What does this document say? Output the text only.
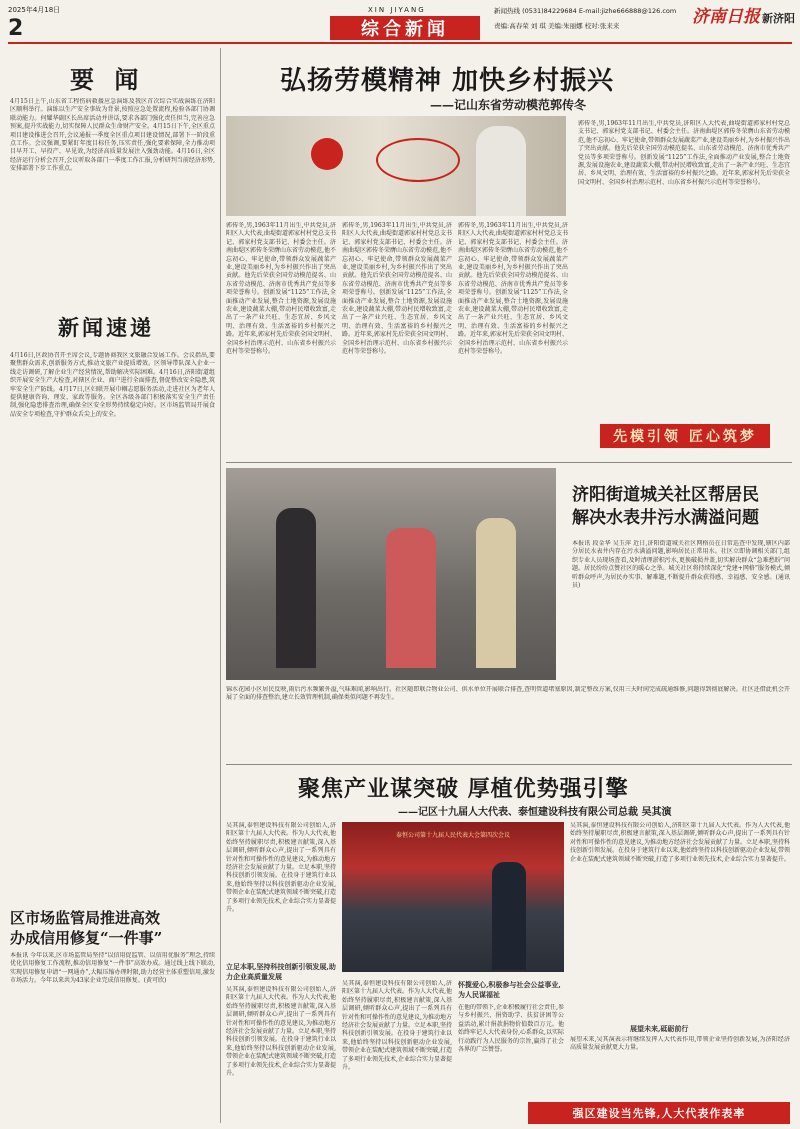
2025年4月18日
2
XIN JIYANG
综合新闻
新闻热线 (0531)84229684 E-mail:jizhe666888@126.com
责编:高春荣 刘 琪 美编:朱丽娜 校对:张来来	济南日报 新济阳
要 闻
4月15日上午,山东省工程伤病救援应急演练及我区首次综合实战演练在济阳区顺利举行。演练以生产安全事故为背景,按照应急处置流程,检验各部门协调联动能力。何耀华副区长出席活动并讲话,要求各部门强化责任担当,完善应急预案,提升实战能力,切实保障人民群众生命财产安全。4月15日下午,全区重点项目建设推进会召开,会议通报一季度全区重点项目建设情况,部署下一阶段重点工作。会议强调,要紧盯年度目标任务,压实责任,强化要素保障,全力推动项目早开工、早投产、早见效,为经济高质量发展注入强劲动能。4月16日,全区经济运行分析会召开,会议听取各部门一季度工作汇报,分析研判当前经济形势,安排部署下步工作重点。
新闻速递
4月16日,区政协召开主席会议,专题协商我区文旅融合发展工作。会议指出,要聚焦群众需求,创新服务方式,推动文旅产业提质增效。区领导带队深入企业一线走访调研,了解企业生产经营情况,帮助解决实际困难。4月16日,济阳街道组织开展安全生产大检查,对辖区企业、商户进行全面排查,督促整改安全隐患,筑牢安全生产防线。4月17日,区妇联开展巾帼志愿服务活动,走进社区为老年人提供健康咨询、理发、家政等服务。全区各级各部门积极落实安全生产责任制,强化隐患排查治理,确保全区安全形势持续稳定向好。区市场监管局开展食品安全专项检查,守护群众舌尖上的安全。
区市场监管局推进高效
办成信用修复“一件事”
本报讯 今年以来,区市场监管局坚持“以信用促监管、以信用优服务”理念,持续优化信用修复工作流程,推动信用修复“一件事”高效办成。通过线上线下联动,实现信用修复申请“一网通办”,大幅压缩办理时限,助力经营主体重塑信用,激发市场活力。今年以来共为43家企业完成信用修复。(黄可欣)
弘扬劳模精神 加快乡村振兴
——记山东省劳动模范郭传冬
郭传冬,男,1963年11月出生,中共党员,济阳区人大代表,曲堤街道郭家村村党总支书记、郭家村党支部书记、村委会主任。济南曲堤区郭传冬荣膺山东省劳动模范,他不忘初心、牢记使命,带领群众发展蔬菜产业,建设美丽乡村,为乡村振兴作出了突出贡献。他先后荣获全国劳动模范提名、山东省劳动模范、济南市优秀共产党员等多项荣誉称号。创新发展“1125”工作法,全面推动产业发展,整合土地资源,发展设施农业,建设蔬菜大棚,带动村民增收致富,走出了一条产业兴旺、生态宜居、乡风文明、治理有效、生活富裕的乡村振兴之路。近年来,郭家村先后荣获全国文明村、全国乡村治理示范村、山东省乡村振兴示范村等荣誉称号。
郭传冬,男,1963年11月出生,中共党员,济阳区人大代表,曲堤街道郭家村村党总支书记、郭家村党支部书记、村委会主任。济南曲堤区郭传冬荣膺山东省劳动模范,他不忘初心、牢记使命,带领群众发展蔬菜产业,建设美丽乡村,为乡村振兴作出了突出贡献。他先后荣获全国劳动模范提名、山东省劳动模范、济南市优秀共产党员等多项荣誉称号。创新发展“1125”工作法,全面推动产业发展,整合土地资源,发展设施农业,建设蔬菜大棚,带动村民增收致富,走出了一条产业兴旺、生态宜居、乡风文明、治理有效、生活富裕的乡村振兴之路。近年来,郭家村先后荣获全国文明村、全国乡村治理示范村、山东省乡村振兴示范村等荣誉称号。
郭传冬,男,1963年11月出生,中共党员,济阳区人大代表,曲堤街道郭家村村党总支书记、郭家村党支部书记、村委会主任。济南曲堤区郭传冬荣膺山东省劳动模范,他不忘初心、牢记使命,带领群众发展蔬菜产业,建设美丽乡村,为乡村振兴作出了突出贡献。他先后荣获全国劳动模范提名、山东省劳动模范、济南市优秀共产党员等多项荣誉称号。创新发展“1125”工作法,全面推动产业发展,整合土地资源,发展设施农业,建设蔬菜大棚,带动村民增收致富,走出了一条产业兴旺、生态宜居、乡风文明、治理有效、生活富裕的乡村振兴之路。近年来,郭家村先后荣获全国文明村、全国乡村治理示范村、山东省乡村振兴示范村等荣誉称号。
郭传冬,男,1963年11月出生,中共党员,济阳区人大代表,曲堤街道郭家村村党总支书记、郭家村党支部书记、村委会主任。济南曲堤区郭传冬荣膺山东省劳动模范,他不忘初心、牢记使命,带领群众发展蔬菜产业,建设美丽乡村,为乡村振兴作出了突出贡献。他先后荣获全国劳动模范提名、山东省劳动模范、济南市优秀共产党员等多项荣誉称号。创新发展“1125”工作法,全面推动产业发展,整合土地资源,发展设施农业,建设蔬菜大棚,带动村民增收致富,走出了一条产业兴旺、生态宜居、乡风文明、治理有效、生活富裕的乡村振兴之路。近年来,郭家村先后荣获全国文明村、全国乡村治理示范村、山东省乡村振兴示范村等荣誉称号。
先模引领 匠心筑梦
济阳街道城关社区帮居民
解决水表井污水满溢问题
本报讯 段金华 吴玉萍 近日,济阳街道城关社区网格员在日常巡查中发现,辖区内部分居民水表井内存在污水满溢问题,影响居民正常用水。社区立即协调相关部门,组织专业人员现场查看,及时清理淤积污水,更换破损井盖,切实解决群众“急难愁盼”问题。居民纷纷点赞社区的暖心之举。城关社区将持续深化“党建+网格”服务模式,倾听群众呼声,为居民办实事、解难题,不断提升群众获得感、幸福感、安全感。(通讯员)
锦水花园小区居民反映,雨后污水频繁外溢,气味难闻,影响出行。社区随即联合物业公司、供水单位开展联合排查,查明管道堵塞原因,制定整改方案,仅用三天时间完成疏通维修,问题得到彻底解决。社区还借此机会开展了全面的排查整治,建立长效管理机制,确保类似问题不再发生。
聚焦产业谋突破 厚植优势强引擎
——记区十九届人大代表、泰恒建设科技有限公司总裁 吴其演
吴其演,泰恒建设科技有限公司创始人,济阳区第十九届人大代表。作为人大代表,他始终坚持履职尽责,积极建言献策,深入基层调研,倾听群众心声,提出了一系列具有针对性和可操作性的意见建议,为推动地方经济社会发展贡献了力量。立足本职,坚持科技创新引领发展。在投身于建筑行业以来,他始终坚持以科技创新驱动企业发展,带领企业在装配式建筑领域不断突破,打造了多项行业领先技术,企业综合实力显著提升。
立足本职,坚持科技创新引领发展,助力企业高质量发展
吴其演,泰恒建设科技有限公司创始人,济阳区第十九届人大代表。作为人大代表,他始终坚持履职尽责,积极建言献策,深入基层调研,倾听群众心声,提出了一系列具有针对性和可操作性的意见建议,为推动地方经济社会发展贡献了力量。立足本职,坚持科技创新引领发展。在投身于建筑行业以来,他始终坚持以科技创新驱动企业发展,带领企业在装配式建筑领域不断突破,打造了多项行业领先技术,企业综合实力显著提升。
泰恒公司第十九届人民代表大会第四次会议
吴其演,泰恒建设科技有限公司创始人,济阳区第十九届人大代表。作为人大代表,他始终坚持履职尽责,积极建言献策,深入基层调研,倾听群众心声,提出了一系列具有针对性和可操作性的意见建议,为推动地方经济社会发展贡献了力量。立足本职,坚持科技创新引领发展。在投身于建筑行业以来,他始终坚持以科技创新驱动企业发展,带领企业在装配式建筑领域不断突破,打造了多项行业领先技术,企业综合实力显著提升。
怀揽爱心,积极参与社会公益事业,为人民谋福祉
在他的带领下,企业积极履行社会责任,参与乡村振兴、捐资助学、扶贫济困等公益活动,累计捐款捐物价值数百万元。他始终牢记人大代表身份,心系群众,以实际行动践行为人民服务的宗旨,赢得了社会各界的广泛赞誉。
吴其演,泰恒建设科技有限公司创始人,济阳区第十九届人大代表。作为人大代表,他始终坚持履职尽责,积极建言献策,深入基层调研,倾听群众心声,提出了一系列具有针对性和可操作性的意见建议,为推动地方经济社会发展贡献了力量。立足本职,坚持科技创新引领发展。在投身于建筑行业以来,他始终坚持以科技创新驱动企业发展,带领企业在装配式建筑领域不断突破,打造了多项行业领先技术,企业综合实力显著提升。
展望未来,砥砺前行
展望未来,吴其演表示将继续发挥人大代表作用,带领企业坚持创新发展,为济阳经济高质量发展贡献更大力量。
强区建设当先锋,人大代表作表率
